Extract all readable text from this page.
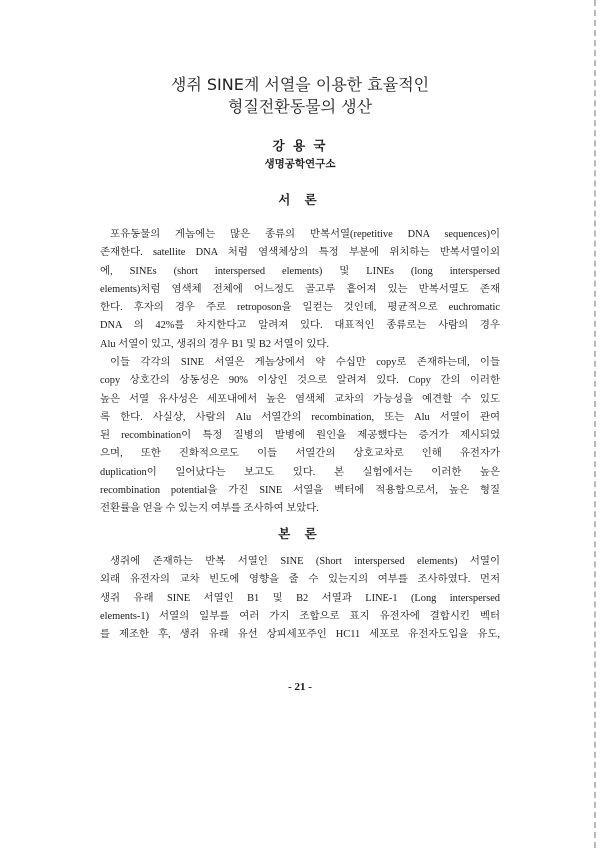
생쥐 SINE계 서열을 이용한 효율적인
형질전환동물의 생산
강 용 국
생명공학연구소
서 론
포유동물의 게놈에는 많은 종류의 반복서열(repetitive DNA sequences)이
존재한다. satellite DNA 처럼 염색체상의 특정 부분에 위치하는 반복서열이외
에, SINEs (short interspersed elements) 및 LINEs (long interspersed
elements)처럼 염색체 전체에 어느정도 골고루 흩어져 있는 반복서열도 존재
한다. 후자의 경우 주로 retroposon을 일컫는 것인데, 평균적으로 euchromatic
DNA 의 42%를 차지한다고 알려져 있다. 대표적인 종류로는 사람의 경우
Alu 서열이 있고, 생쥐의 경우 B1 및 B2 서열이 있다.
이들 각각의 SINE 서열은 게놈상에서 약 수십만 copy로 존재하는데, 이들
copy 상호간의 상동성은 90% 이상인 것으로 알려져 있다. Copy 간의 이러한
높은 서열 유사성은 세포내에서 높은 염색체 교차의 가능성을 예견할 수 있도
록 한다. 사실상, 사람의 Alu 서열간의 recombination, 또는 Alu 서열이 관여
된 recombination이 특정 질병의 발병에 원인을 제공했다는 증거가 제시되었
으며, 또한 진화적으로도 이들 서열간의 상호교차로 인해 유전자가
duplication이 일어났다는 보고도 있다. 본 실험에서는 이러한 높은
recombination potential을 가진 SINE 서열을 벡터에 적용함으로서, 높은 형질
전환률을 얻을 수 있는지 여부를 조사하여 보았다.
본 론
생쥐에 존재하는 반복 서열인 SINE (Short interspersed elements) 서열이
외래 유전자의 교차 빈도에 영향을 줄 수 있는지의 여부를 조사하였다. 먼저
생쥐 유래 SINE 서열인 B1 및 B2 서열과 LINE-1 (Long interspersed
elements-1) 서열의 일부를 여러 가지 조합으로 표지 유전자에 결합시킨 벡터
를 제조한 후, 생쥐 유래 유선 상피세포주인 HC11 세포로 유전자도입을 유도,
- 21 -
